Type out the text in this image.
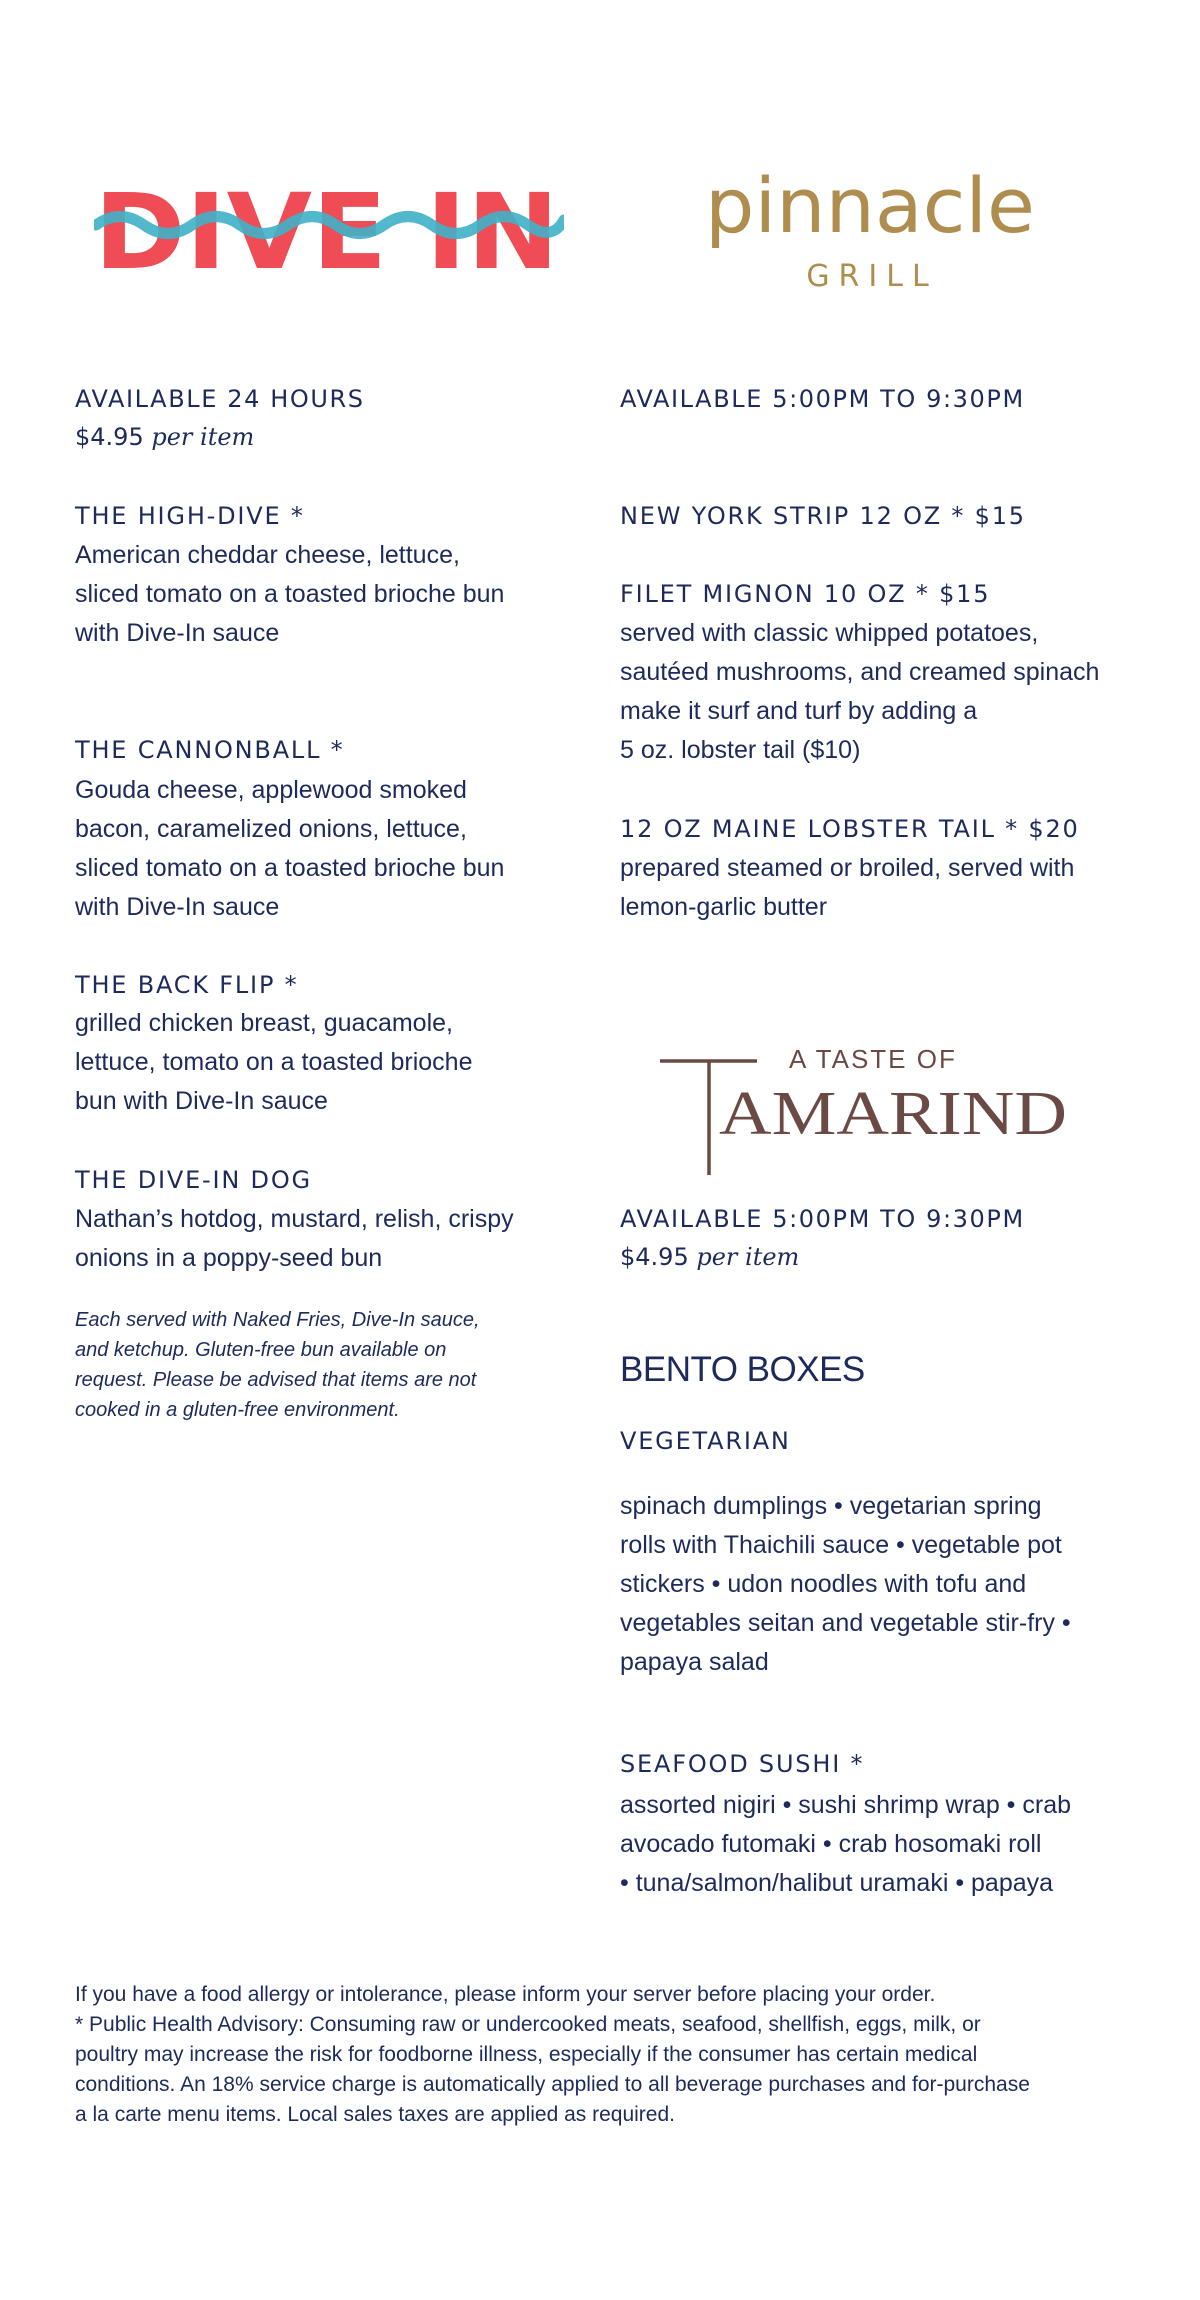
DIVE IN pinnacle
GRILL
A TASTE OF
AMARIND
AVAILABLE 24 HOURS
$4.95 per item
THE HIGH-DIVE *
American cheddar cheese, lettuce,
sliced tomato on a toasted brioche bun
with Dive-In sauce
THE CANNONBALL *
Gouda cheese, applewood smoked
bacon, caramelized onions, lettuce,
sliced tomato on a toasted brioche bun
with Dive-In sauce
THE BACK FLIP *
grilled chicken breast, guacamole,
lettuce, tomato on a toasted brioche
bun with Dive-In sauce
THE DIVE-IN DOG
Nathan’s hotdog, mustard, relish, crispy
onions in a poppy-seed bun
Each served with Naked Fries, Dive-In sauce,
and ketchup. Gluten-free bun available on
request. Please be advised that items are not
cooked in a gluten-free environment.
AVAILABLE 5:00PM TO 9:30PM
NEW YORK STRIP 12 OZ * $15
FILET MIGNON 10 OZ * $15
served with classic whipped potatoes,
sautéed mushrooms, and creamed spinach
make it surf and turf by adding a
5 oz. lobster tail ($10)
12 OZ MAINE LOBSTER TAIL * $20
prepared steamed or broiled, served with
lemon-garlic butter
AVAILABLE 5:00PM TO 9:30PM
$4.95 per item
BENTO BOXES
VEGETARIAN
spinach dumplings • vegetarian spring
rolls with Thaichili sauce • vegetable pot
stickers • udon noodles with tofu and
vegetables seitan and vegetable stir-fry •
papaya salad
SEAFOOD SUSHI *
assorted nigiri • sushi shrimp wrap • crab
avocado futomaki • crab hosomaki roll
• tuna/salmon/halibut uramaki • papaya

If you have a food allergy or intolerance, please inform your server before placing your order.

* Public Health Advisory: Consuming raw or undercooked meats, seafood, shellfish, eggs, milk, or

poultry may increase the risk for foodborne illness, especially if the consumer has certain medical

conditions. An 18% service charge is automatically applied to all beverage purchases and for-purchase

a la carte menu items. Local sales taxes are applied as required.
